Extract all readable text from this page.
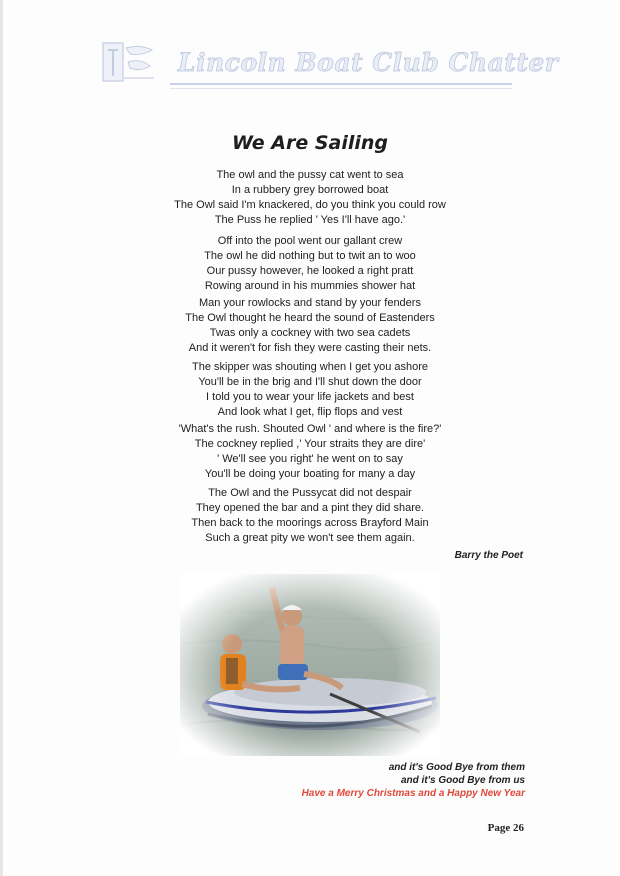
Lincoln Boat Club Chatter
We Are Sailing
The owl and the pussy cat went to sea
In a rubbery grey borrowed boat
The Owl said I'm knackered, do you think you could row
The Puss he replied ' Yes I'll have ago.'
Off into the pool went our gallant crew
The owl he did nothing but to twit an to woo
Our pussy however, he looked a right pratt
Rowing around in his mummies shower hat
Man your rowlocks and stand by your fenders
The Owl thought he heard the sound of Eastenders
Twas only a cockney with two sea cadets
And it weren't for fish they were casting their nets.
The skipper was shouting when I get you ashore
You'll be in the brig and I'll shut down the door
I told you to wear your life jackets and best
And look what I get, flip flops and vest
'What's the rush. Shouted Owl ' and where is the fire?'
The cockney replied ,' Your straits they are dire'
' We'll see you right' he went on to say
You'll be doing your boating for many a day
The Owl and the Pussycat did not despair
They opened the bar and a pint they did share.
Then back to the moorings across Brayford Main
Such a great pity we won't see them again.
Barry the Poet
and it's Good Bye from them
and it's Good Bye from us
Have a Merry Christmas and a Happy New Year
Page 26
